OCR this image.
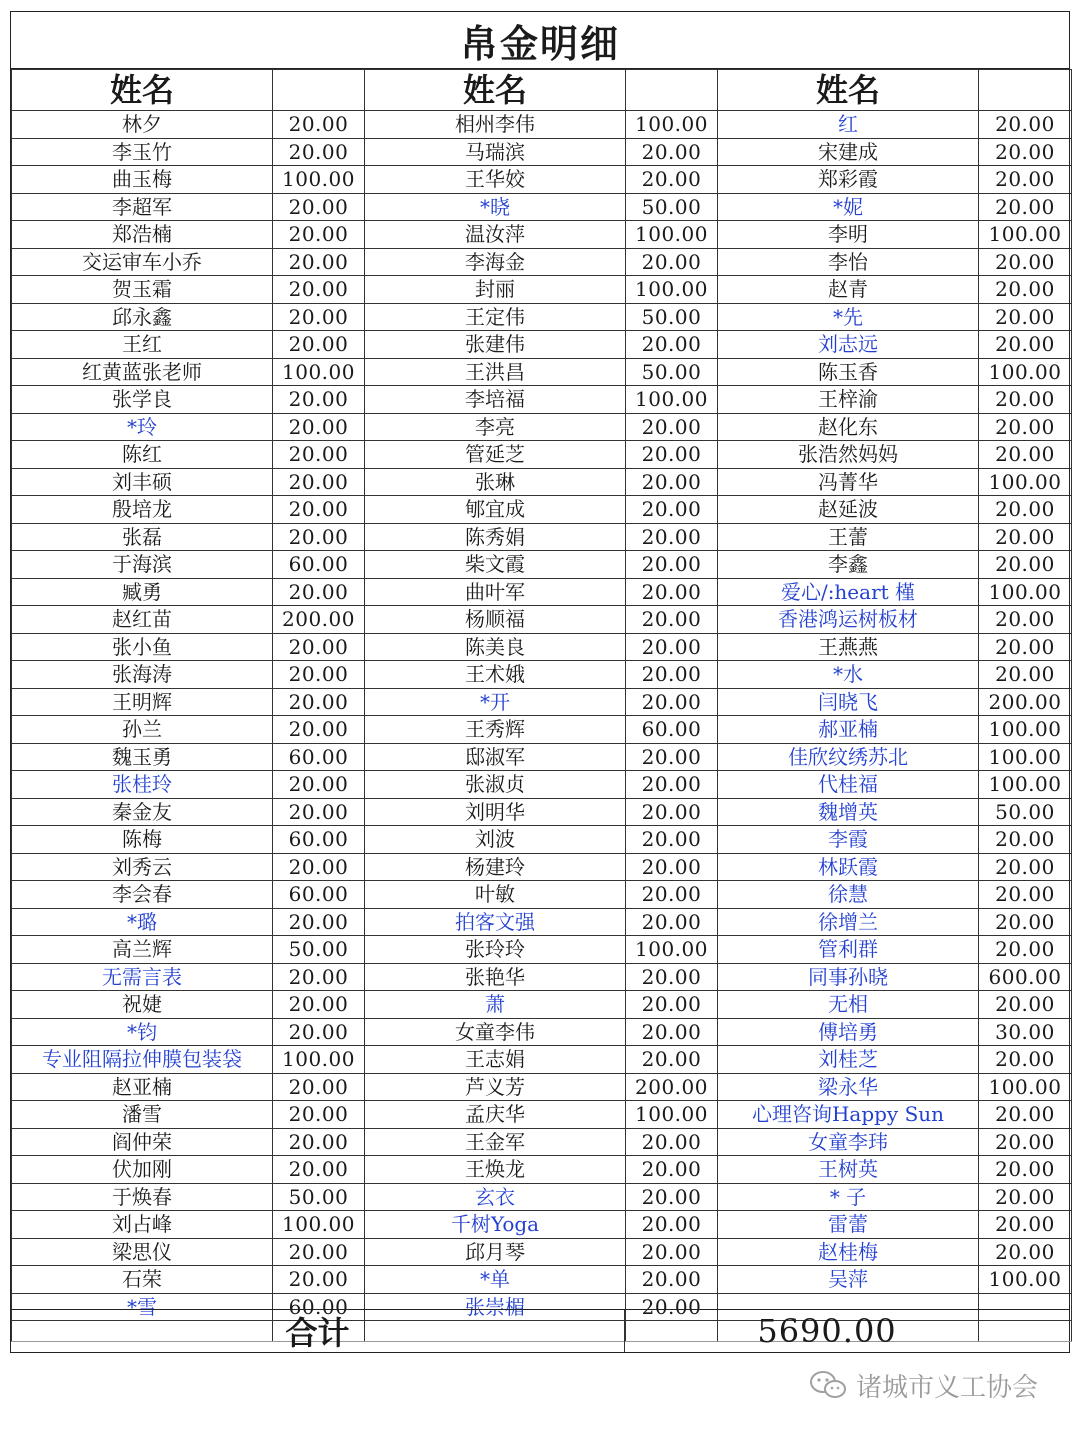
帛金明细
姓名		姓名		姓名	
林夕	20.00	相州李伟	100.00	红	20.00
李玉竹	20.00	马瑞滨	20.00	宋建成	20.00
曲玉梅	100.00	王华姣	20.00	郑彩霞	20.00
李超军	20.00	*晓	50.00	*妮	20.00
郑浩楠	20.00	温汝萍	100.00	李明	100.00
交运审车小乔	20.00	李海金	20.00	李怡	20.00
贺玉霜	20.00	封丽	100.00	赵青	20.00
邱永鑫	20.00	王定伟	50.00	*先	20.00
王红	20.00	张建伟	20.00	刘志远	20.00
红黄蓝张老师	100.00	王洪昌	50.00	陈玉香	100.00
张学良	20.00	李培福	100.00	王梓渝	20.00
*玲	20.00	李亮	20.00	赵化东	20.00
陈红	20.00	管延芝	20.00	张浩然妈妈	20.00
刘丰硕	20.00	张琳	20.00	冯菁华	100.00
殷培龙	20.00	郇宜成	20.00	赵延波	20.00
张磊	20.00	陈秀娟	20.00	王蕾	20.00
于海滨	60.00	柴文霞	20.00	李鑫	20.00
臧勇	20.00	曲叶军	20.00	爱心/:heart 槿	100.00
赵红苗	200.00	杨顺福	20.00	香港鸿运树板材	20.00
张小鱼	20.00	陈美良	20.00	王燕燕	20.00
张海涛	20.00	王术娥	20.00	*水	20.00
王明辉	20.00	*开	20.00	闫晓飞	200.00
孙兰	20.00	王秀辉	60.00	郝亚楠	100.00
魏玉勇	60.00	邸淑军	20.00	佳欣纹绣苏北	100.00
张桂玲	20.00	张淑贞	20.00	代桂福	100.00
秦金友	20.00	刘明华	20.00	魏增英	50.00
陈梅	60.00	刘波	20.00	李霞	20.00
刘秀云	20.00	杨建玲	20.00	林跃霞	20.00
李会春	60.00	叶敏	20.00	徐慧	20.00
*璐	20.00	拍客文强	20.00	徐增兰	20.00
高兰辉	50.00	张玲玲	100.00	管利群	20.00
无需言表	20.00	张艳华	20.00	同事孙晓	600.00
祝婕	20.00	萧	20.00	无相	20.00
*钧	20.00	女童李伟	20.00	傅培勇	30.00
专业阻隔拉伸膜包装袋	100.00	王志娟	20.00	刘桂芝	20.00
赵亚楠	20.00	芦义芳	200.00	梁永华	100.00
潘雪	20.00	孟庆华	100.00	心理咨询Happy Sun	20.00
阎仲荣	20.00	王金军	20.00	女童李玮	20.00
伏加刚	20.00	王焕龙	20.00	王树英	20.00
于焕春	50.00	玄衣	20.00	* 子	20.00
刘占峰	100.00	千树Yoga	20.00	雷蕾	20.00
梁思仪	20.00	邱月琴	20.00	赵桂梅	20.00
石荣	20.00	*单	20.00	吴萍	100.00
*雪	60.00	张崇楣	20.00		

合计	5690.00
诸城市义工协会
